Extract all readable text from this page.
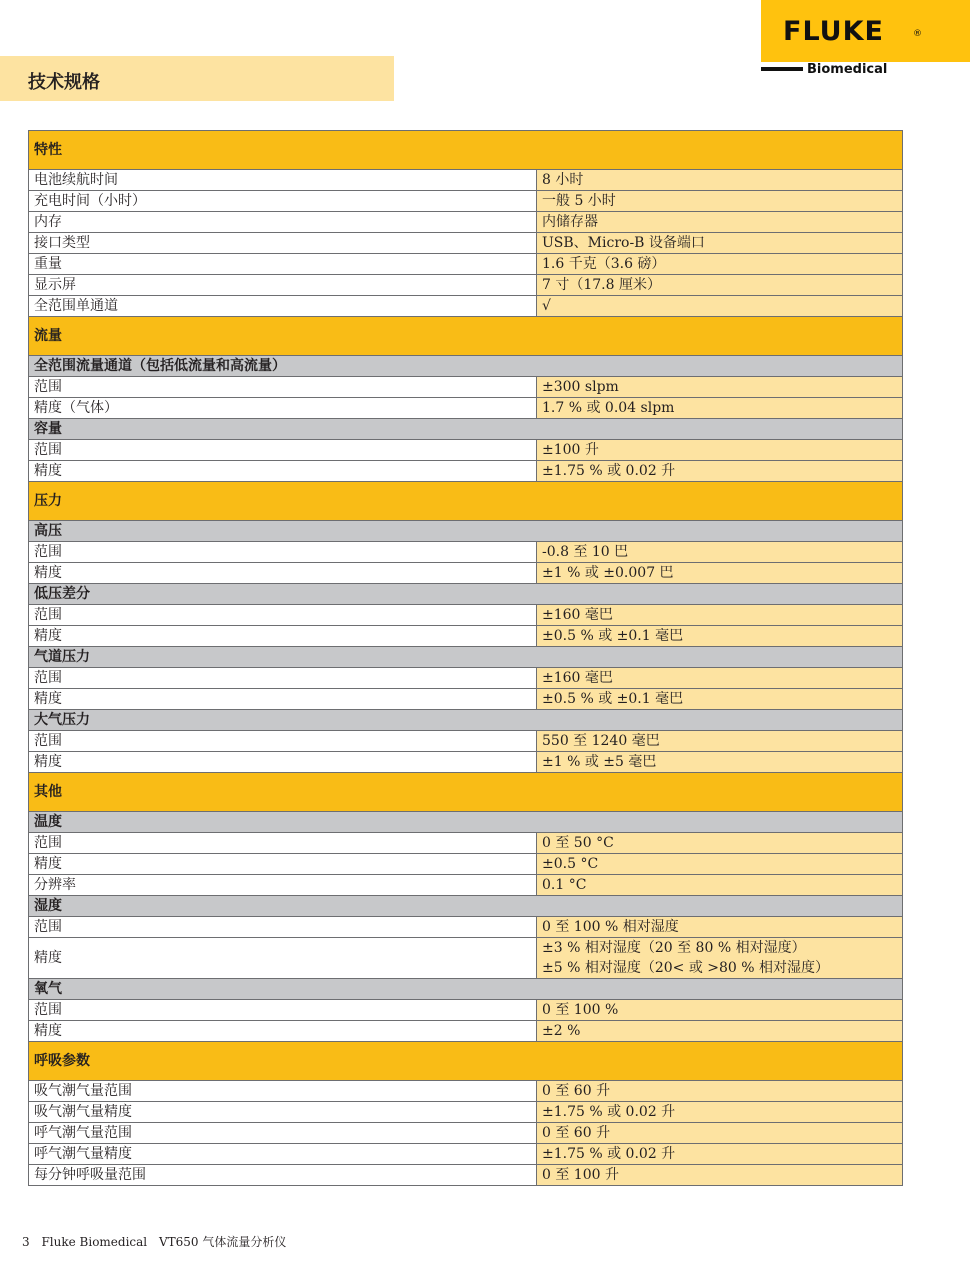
FLUKE	®
Biomedical
技术规格
特性	
电池续航时间	8 小时
充电时间（小时）	一般 5 小时
内存	内储存器
接口类型	USB、Micro-B 设备端口
重量	1.6 千克（3.6 磅）
显示屏	7 寸（17.8 厘米）
全范围单通道	√
流量	
全范围流量通道（包括低流量和高流量）	
范围	±300 slpm
精度（气体）	1.7 % 或 0.04 slpm
容量	
范围	±100 升
精度	±1.75 % 或 0.02 升
压力	
高压	
范围	-0.8 至 10 巴
精度	±1 % 或 ±0.007 巴
低压差分	
范围	±160 毫巴
精度	±0.5 % 或 ±0.1 毫巴
气道压力	
范围	±160 毫巴
精度	±0.5 % 或 ±0.1 毫巴
大气压力	
范围	550 至 1240 毫巴
精度	±1 % 或 ±5 毫巴
其他	
温度	
范围	0 至 50 °C
精度	±0.5 °C
分辨率	0.1 °C
湿度	
范围	0 至 100 % 相对湿度
精度	±3 % 相对湿度（20 至 80 % 相对湿度）
±5 % 相对湿度（20< 或 >80 % 相对湿度）

氧气	
范围	0 至 100 %
精度	±2 %
呼吸参数	
吸气潮气量范围	0 至 60 升
吸气潮气量精度	±1.75 % 或 0.02 升
呼气潮气量范围	0 至 60 升
呼气潮气量精度	±1.75 % 或 0.02 升
每分钟呼吸量范围	0 至 100 升
3 Fluke Biomedical VT650 气体流量分析仪
